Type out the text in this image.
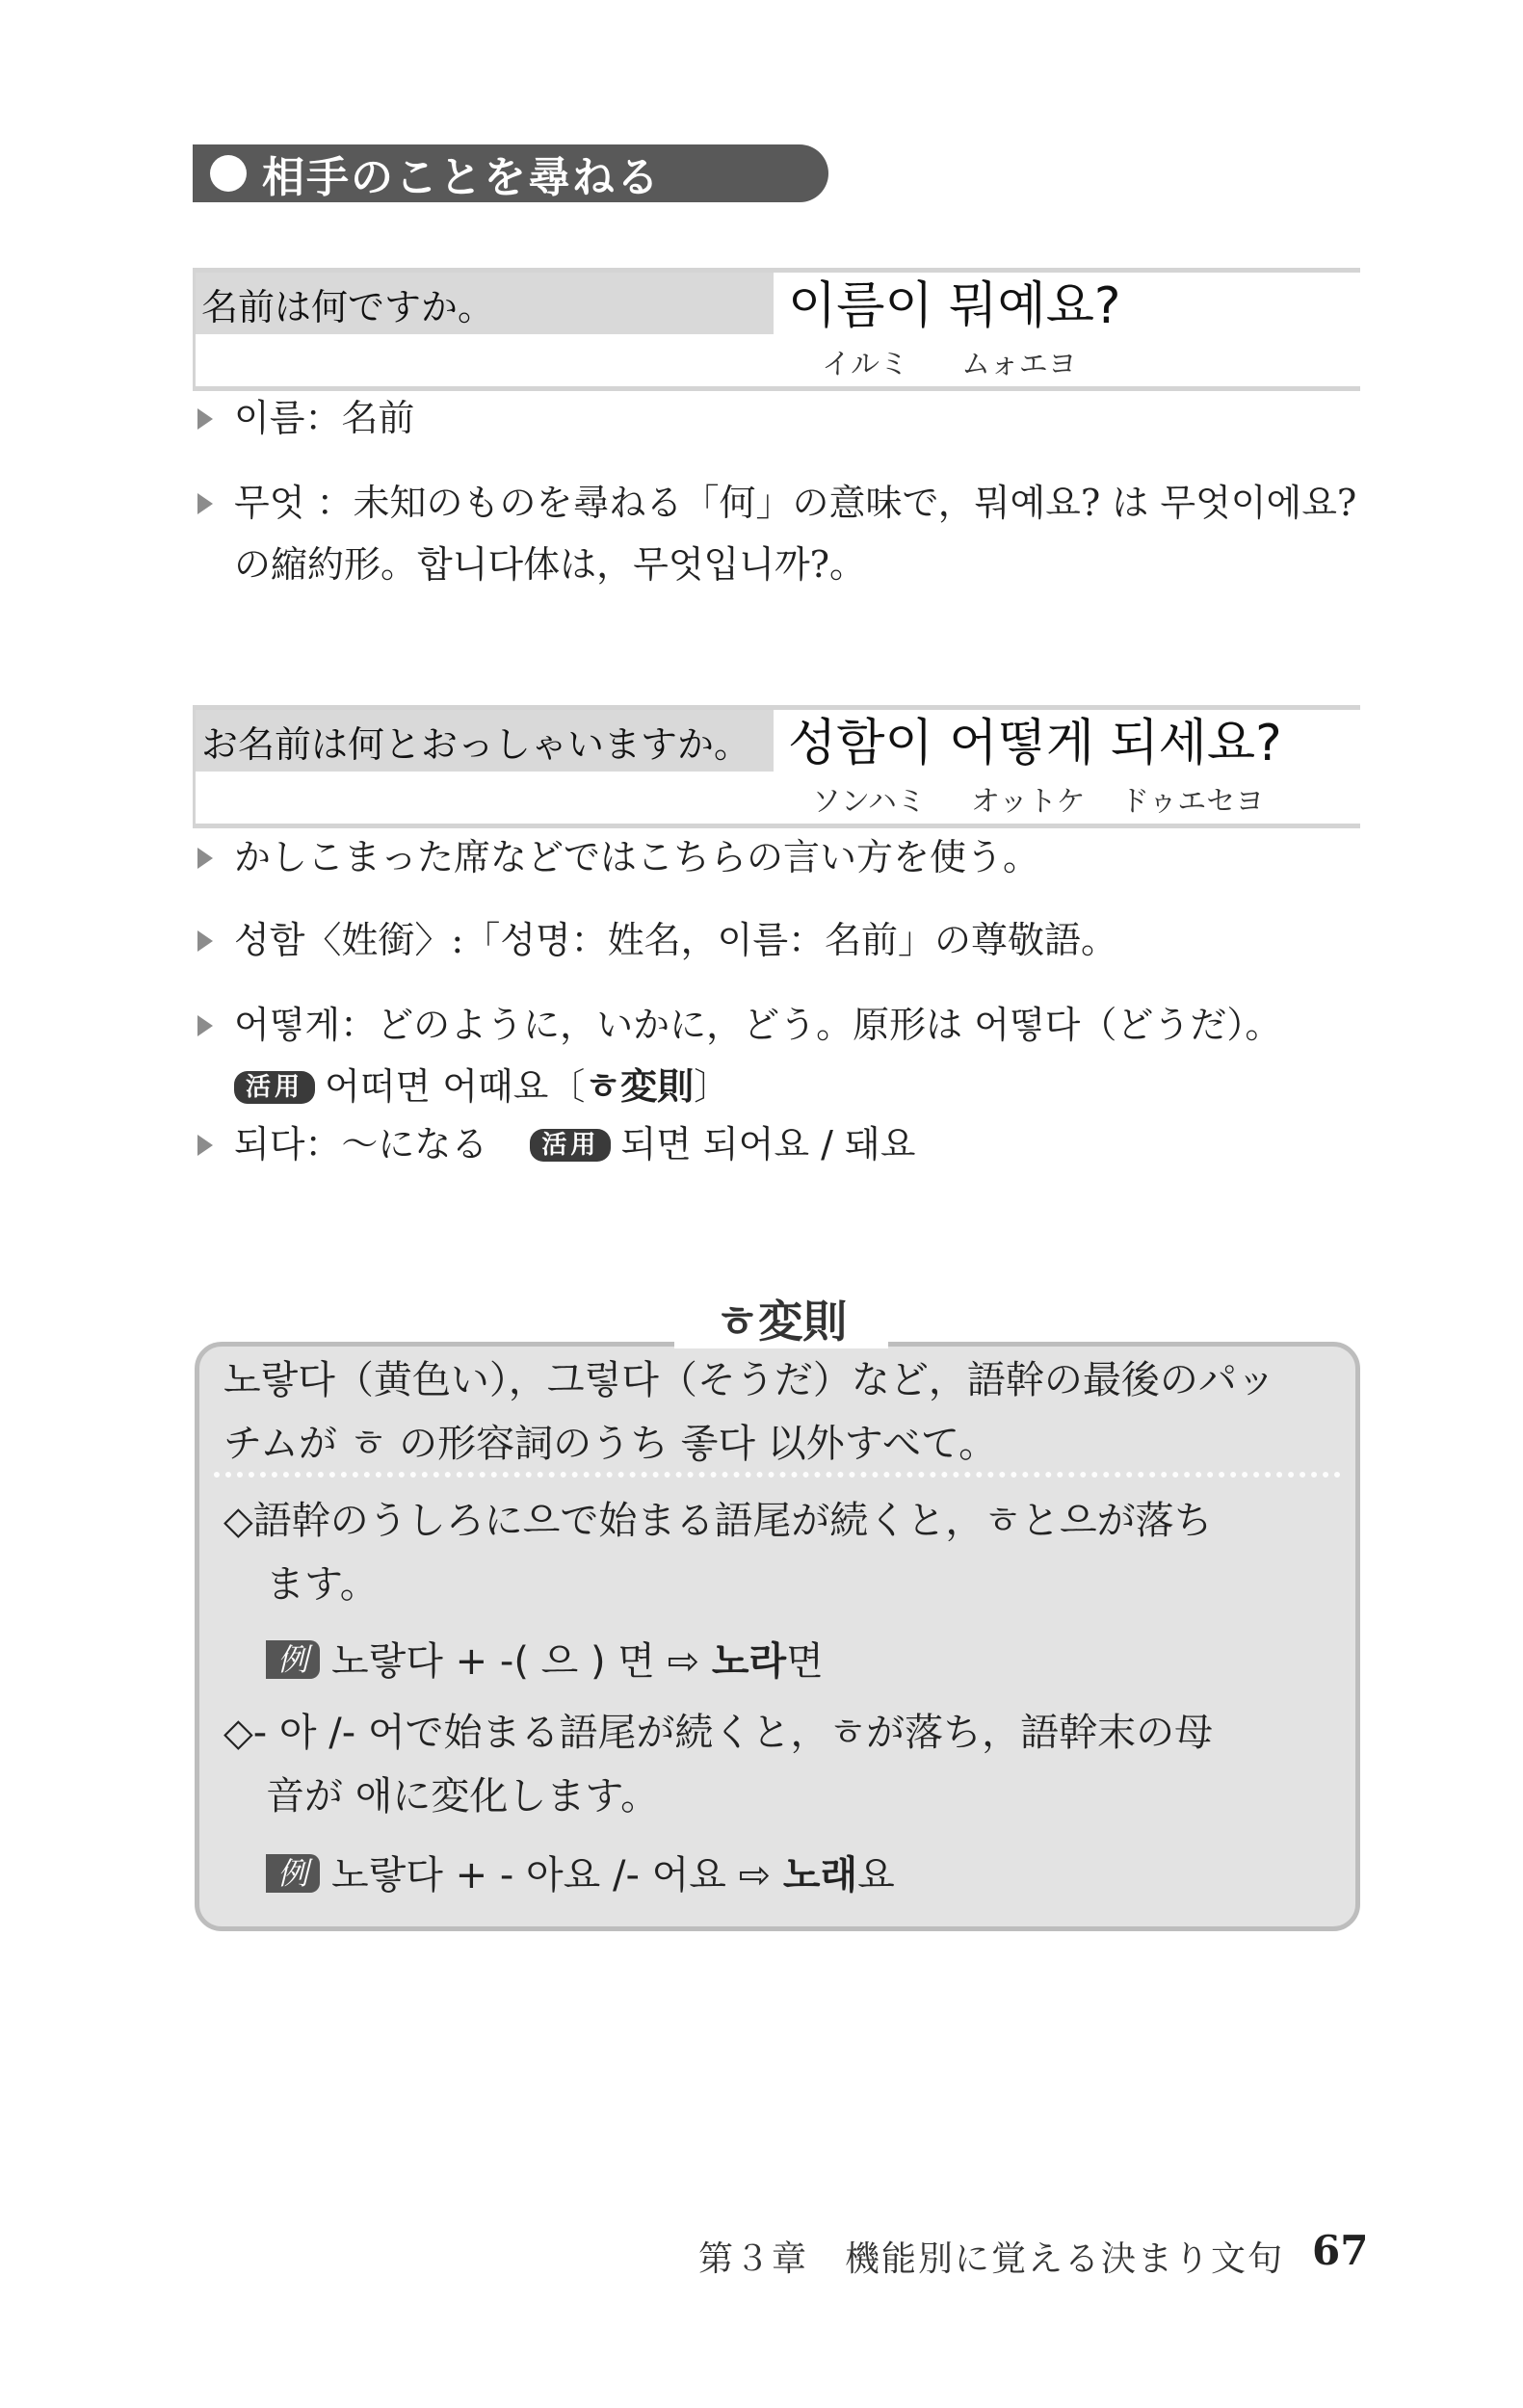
相手のことを尋ねる
名前は何ですか。	이름이 뭐예요?
イルミ ムォエヨ
이름：名前
무엇 ：未知のものを尋ねる「何」の意味で，뭐예요? は 무엇이에요?
の縮約形。합니다体は，무엇입니까?。
お名前は何とおっしゃいますか。 성함이 어떻게 되세요?
ソンハミ オットケ ドゥエセヨ
かしこまった席などではこちらの言い方を使う。
성함〈姓銜〉:「성명：姓名，이름：名前」の尊敬語。
어떻게：どのように，いかに，どう。原形は 어떻다（どうだ）。
活用 어떠면 어때요〔ㅎ変則〕
되다：～になる 活用 되면 되어요 / 돼요
ㅎ変則
노랗다（黄色い），그렇다（そうだ）など，語幹の最後のパッ
チムが ㅎ の形容詞のうち 좋다 以外すべて。
◇語幹のうしろに으で始まる語尾が続くと，ㅎと으が落ち
ます。
例 노랗다 + -( 으 ) 면 ⇨ 노라면
◇- 아 /- 어で始まる語尾が続くと，ㅎが落ち，語幹末の母
音が 애に変化します。
例 노랗다 + - 아요 /- 어요 ⇨ 노래요
第３章　機能別に覚える決まり文句 67
